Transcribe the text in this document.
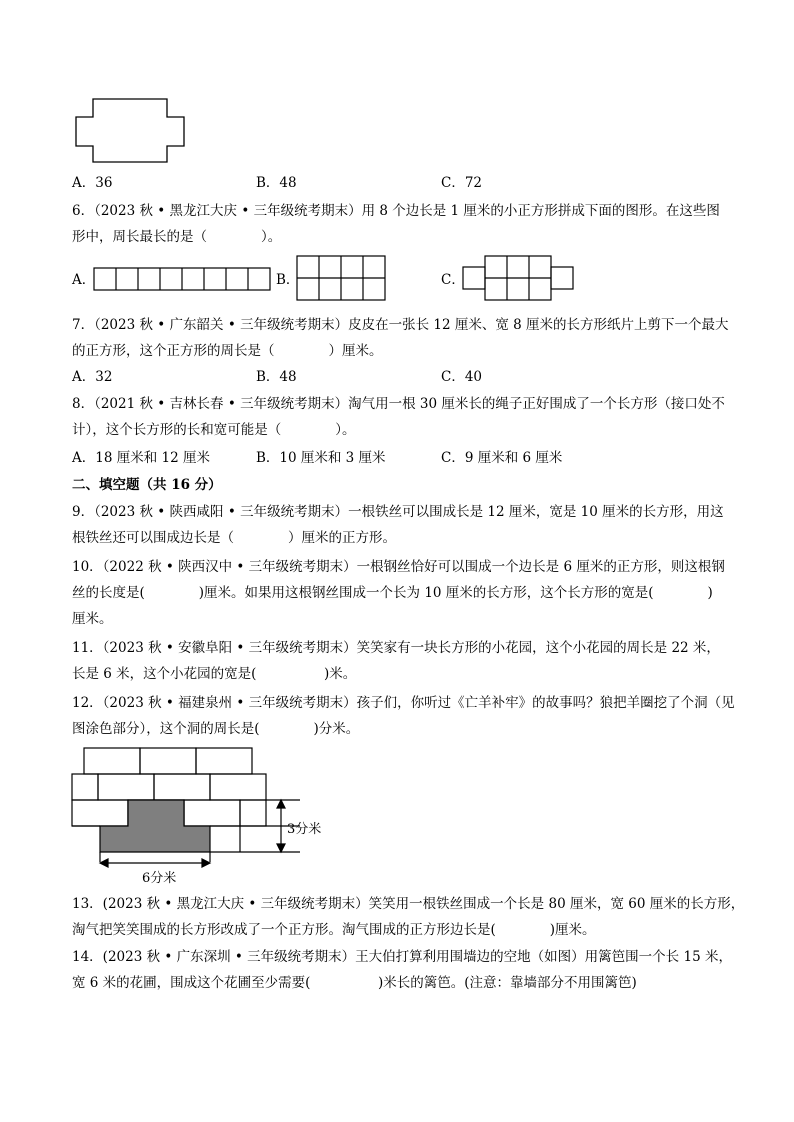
A．36	B．48	C．72
6．（2023 秋 • 黑龙江大庆 • 三年级统考期末）用 8 个边长是 1 厘米的小正方形拼成下面的图形。在这些图
形中，周长最长的是（　　　　）。
A．	B．	C．
7．（2023 秋 • 广东韶关 • 三年级统考期末）皮皮在一张长 12 厘米、宽 8 厘米的长方形纸片上剪下一个最大
的正方形，这个正方形的周长是（　　　　）厘米。
A．32	B．48	C．40
8．（2021 秋 • 吉林长春 • 三年级统考期末）淘气用一根 30 厘米长的绳子正好围成了一个长方形（接口处不
计），这个长方形的长和宽可能是（　　　　）。
A．18 厘米和 12 厘米	B．10 厘米和 3 厘米	C．9 厘米和 6 厘米
二、填空题（共 16 分）
9．（2023 秋 • 陕西咸阳 • 三年级统考期末）一根铁丝可以围成长是 12 厘米，宽是 10 厘米的长方形，用这
根铁丝还可以围成边长是（　　　　）厘米的正方形。
10．（2022 秋 • 陕西汉中 • 三年级统考期末）一根钢丝恰好可以围成一个边长是 6 厘米的正方形，则这根钢
丝的长度是(　　　　)厘米。如果用这根钢丝围成一个长为 10 厘米的长方形，这个长方形的宽是(　　　　)
厘米。
11．（2023 秋 • 安徽阜阳 • 三年级统考期末）笑笑家有一块长方形的小花园，这个小花园的周长是 22 米，
长是 6 米，这个小花园的宽是(　　　　　)米。
12．（2023 秋 • 福建泉州 • 三年级统考期末）孩子们，你听过《亡羊补牢》的故事吗？狼把羊圈挖了个洞（见
图涂色部分），这个洞的周长是(　　　　)分米。
3分米
6分米
13．(2023 秋 • 黑龙江大庆 • 三年级统考期末）笑笑用一根铁丝围成一个长是 80 厘米，宽 60 厘米的长方形，
淘气把笑笑围成的长方形改成了一个正方形。淘气围成的正方形边长是(　　　　)厘米。
14．(2023 秋 • 广东深圳 • 三年级统考期末）王大伯打算利用围墙边的空地（如图）用篱笆围一个长 15 米，
宽 6 米的花圃，围成这个花圃至少需要(　　　　　)米长的篱笆。(注意：靠墙部分不用围篱笆)
